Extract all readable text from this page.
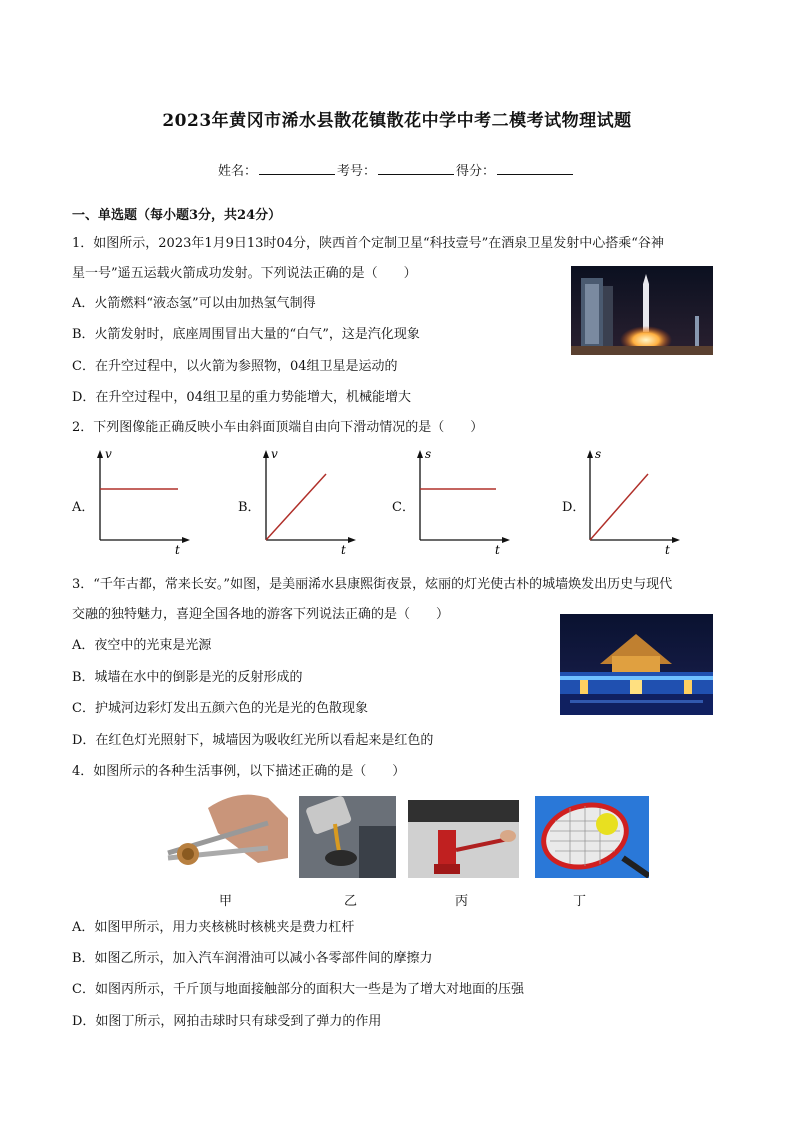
2023年黄冈市浠水县散花镇散花中学中考二模考试物理试题
姓名：	考号：	得分：
一、单选题（每小题3分，共24分）
1．如图所示，2023年1月9日13时04分，陕西首个定制卫星“科技壹号”在酒泉卫星发射中心搭乘“谷神
星一号”遥五运载火箭成功发射。下列说法正确的是（　　）
A．火箭燃料“液态氢”可以由加热氢气制得
B．火箭发射时，底座周围冒出大量的“白气”，这是汽化现象
C．在升空过程中，以火箭为参照物，04组卫星是运动的
D．在升空过程中，04组卫星的重力势能增大，机械能增大
2．下列图像能正确反映小车由斜面顶端自由向下滑动情况的是（　　）
A．
v
t
B．
v
t
C．
s
t
D．
s
t
3．“千年古都，常来长安。”如图，是美丽浠水县康熙街夜景，炫丽的灯光使古朴的城墙焕发出历史与现代
交融的独特魅力，喜迎全国各地的游客下列说法正确的是（　　）
A．夜空中的光束是光源
B．城墙在水中的倒影是光的反射形成的
C．护城河边彩灯发出五颜六色的光是光的色散现象
D．在红色灯光照射下，城墙因为吸收红光所以看起来是红色的
4．如图所示的各种生活事例，以下描述正确的是（　　）
甲	乙	丙	丁
A．如图甲所示，用力夹核桃时核桃夹是费力杠杆
B．如图乙所示，加入汽车润滑油可以减小各零部件间的摩擦力
C．如图丙所示，千斤顶与地面接触部分的面积大一些是为了增大对地面的压强
D．如图丁所示，网拍击球时只有球受到了弹力的作用
